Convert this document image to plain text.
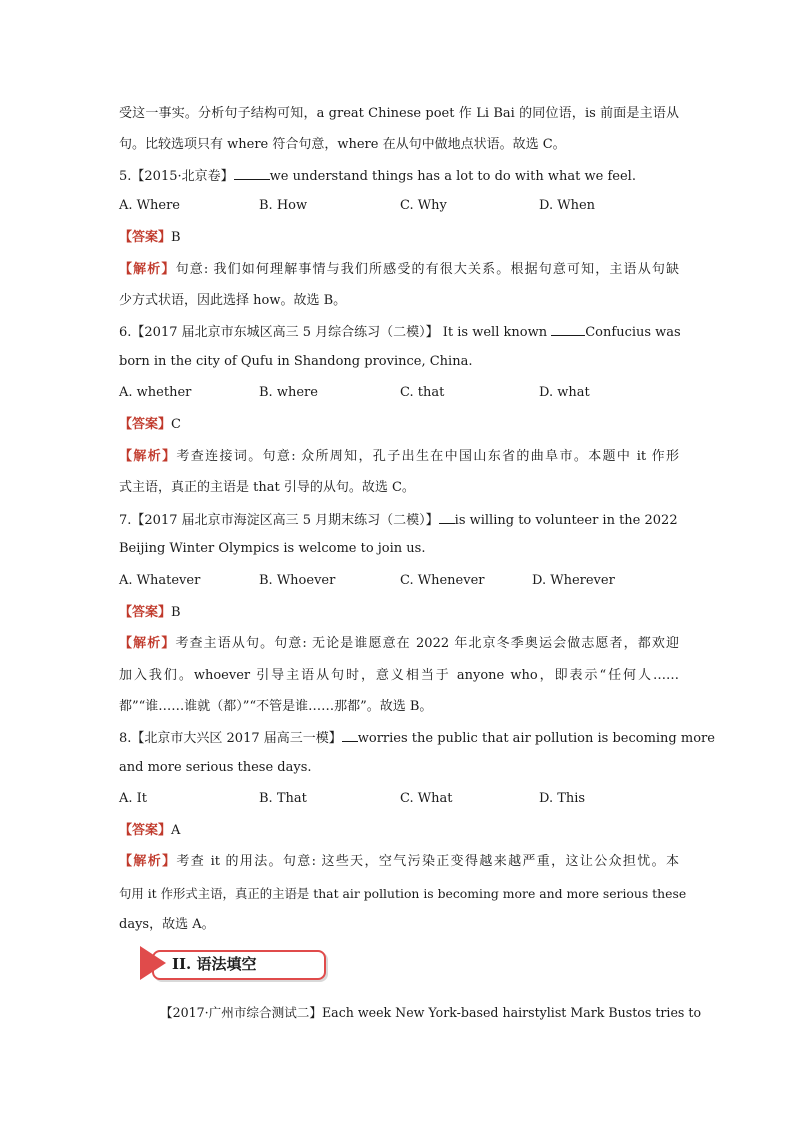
受这一事实。分析句子结构可知，a great Chinese poet 作 Li Bai 的同位语，is 前面是主语从
句。比较选项只有 where 符合句意，where 在从句中做地点状语。故选 C。
5.【2015·北京卷】	we understand things has a lot to do with what we feel.
A. Where	B. How	C. Why	D. When
【答案】B
【解析】句意: 我们如何理解事情与我们所感受的有很大关系。根据句意可知，主语从句缺
少方式状语，因此选择 how。故选 B。
6.【2017 届北京市东城区高三 5 月综合练习（二模）】 It is well known	Confucius was
born in the city of Qufu in Shandong province, China.
A. whether	B. where	C. that	D. what
【答案】C
【解析】考查连接词。句意: 众所周知，孔子出生在中国山东省的曲阜市。本题中 it 作形
式主语，真正的主语是 that 引导的从句。故选 C。
7.【2017 届北京市海淀区高三 5 月期末练习（二模）】 is willing to volunteer in the 2022
Beijing Winter Olympics is welcome to join us.
A. Whatever	B. Whoever	C. Whenever	D. Wherever
【答案】B
【解析】考查主语从句。句意: 无论是谁愿意在 2022 年北京冬季奥运会做志愿者，都欢迎
加入我们。whoever 引导主语从句时，意义相当于 anyone who，即表示“任何人……
都”“谁……谁就（都）”“不管是谁……那都”。故选 B。
8.【北京市大兴区 2017 届高三一模】 worries the public that air pollution is becoming more
and more serious these days.
A. It	B. That	C. What	D. This
【答案】A
【解析】考查 it 的用法。句意: 这些天，空气污染正变得越来越严重，这让公众担忧。本
句用 it 作形式主语，真正的主语是 that air pollution is becoming more and more serious these
days，故选 A。
II. 语法填空
【2017·广州市综合测试二】Each week New York-based hairstylist Mark Bustos tries to
